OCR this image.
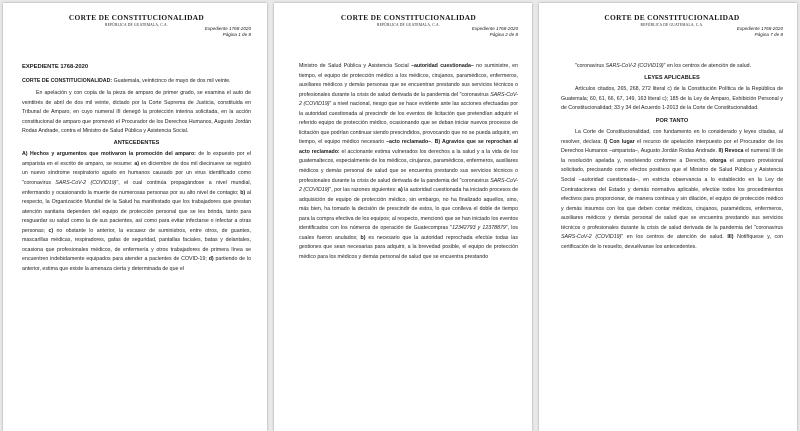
CORTE DE CONSTITUCIONALIDAD
REPÚBLICA DE GUATEMALA, C.A.
Expediente 1768-2020
Página 1 de 8

EXPEDIENTE 1768-2020

CORTE DE CONSTITUCIONALIDAD: Guatemala, veinticinco de mayo de dos mil veinte.

En apelación y con copia de la pieza de amparo de primer grado, se examina el auto de veintitrés de abril de dos mil veinte, dictado por la Corte Suprema de Justicia, constituida en Tribunal de Amparo, en cuyo numeral III denegó la protección interina solicitada, en la acción constitucional de amparo que promovió el Procurador de los Derechos Humanos, Augusto Jordán Rodas Andrade, contra el Ministro de Salud Pública y Asistencia Social.

ANTECEDENTES

A) Hechos y argumentos que motivaron la promoción del amparo: de lo expuesto por el amparista en el escrito de amparo, se resume: a) en diciembre de dos mil diecinueve se registró un nuevo síndrome respiratorio agudo en humanos causado por un virus identificado como "coronavirus SARS-CoV-2 (COVID19)", el cual continúa propagándose a nivel mundial, enfermando y ocasionando la muerte de numerosas personas por su alto nivel de contagio; b) al respecto, la Organización Mundial de la Salud ha manifestado que los trabajadores que prestan atención sanitaria dependen del equipo de protección personal que se les brinda, tanto para resguardar su salud como la de sus pacientes, así como para evitar infectarse o infectar a otras personas; c) no obstante lo anterior, la escasez de suministros, entre otros, de guantes, mascarillas médicas, respiradores, gafas de seguridad, pantallas faciales, batas y delantales, ocasiona que profesionales médicos, de enfermería y otros trabajadores de primera línea se encuentren indebidamente equipados para atender a pacientes de COVID-19; d) partiendo de lo anterior, estima que existe la amenaza cierta y determinada de que el

CORTE DE CONSTITUCIONALIDAD
REPÚBLICA DE GUATEMALA, C.A.
Expediente 1768-2020
Página 2 de 8

Ministro de Salud Pública y Asistencia Social –autoridad cuestionada– no suministre, en tiempo, el equipo de protección médico a los médicos, cirujanos, paramédicos, enfermeros, auxiliares médicos y demás personas que se encuentran prestando sus servicios técnicos o profesionales durante la crisis de salud derivada de la pandemia del "coronavirus SARS-CoV-2 (COVID19)" a nivel nacional, riesgo que se hace evidente ante las acciones efectuadas por la autoridad cuestionada al prescindir de los eventos de licitación que pretendían adquirir el referido equipo de protección médico, ocasionando que se deban iniciar nuevos procesos de licitación que podrían continuar siendo prescindidos, provocando que no se pueda adquirir, en tiempo, el equipo médico necesario –acto reclamado–. B) Agravios que se reprochan al acto reclamado: el accionante estima vulnerados los derechos a la salud y a la vida de los guatemaltecos, especialmente de los médicos, cirujanos, paramédicos, enfermeros, auxiliares médicos y demás personal de salud que se encuentra prestando sus servicios técnicos o profesionales durante la crisis de salud derivada de la pandemia del "coronavirus SARS-CoV-2 (COVID19)", por las razones siguientes: a) la autoridad cuestionada ha iniciado procesos de adquisición de equipo de protección médico, sin embargo, no ha finalizado aquellos, sino, más bien, ha tomado la decisión de prescindir de estos, lo que conlleva el doble de tiempo para la compra efectiva de los equipos; al respecto, mencionó que se han iniciado los eventos identificados con los números de operación de Guatecompras "12342793 y 12378879", los cuales fueron anulados; b) es necesario que la autoridad reprochada efectúe todas las gestiones que sean necesarias para adquirir, a la brevedad posible, el equipo de protección médico para los médicos y demás personal de salud que se encuentra prestando

CORTE DE CONSTITUCIONALIDAD
REPÚBLICA DE GUATEMALA, C.A.
Expediente 1768-2020
Página 7 de 8

"coronavirus SARS-CoV-2 (COVID19)" en los centros de atención de salud.

LEYES APLICABLES

Artículos citados, 265, 268, 272 literal c) de la Constitución Política de la República de Guatemala; 60, 61, 66, 67, 149, 163 literal c); 185 de la Ley de Amparo, Exhibición Personal y de Constitucionalidad; 33 y 34 del Acuerdo 1-2013 de la Corte de Constitucionalidad.

POR TANTO

La Corte de Constitucionalidad, con fundamento en lo considerado y leyes citadas, al resolver, declara: I) Con lugar el recurso de apelación interpuesto por el Procurador de los Derechos Humanos –amparista–, Augusto Jordán Rodas Andrade. II) Revoca el numeral III de la resolución apelada y, resolviendo conforme a Derecho, otorga el amparo provisional solicitado, precisando como efectos positivos que el Ministro de Salud Pública y Asistencia Social –autoridad cuestionada–, en estricta observancia a lo establecido en la Ley de Contrataciones del Estado y demás normativa aplicable, efectúe todos los procedimientos efectivos para proporcionar, de manera continua y sin dilación, el equipo de protección médico y demás insumos con los que deben contar médicos, cirujanos, paramédicos, enfermeros, auxiliares médicos y demás personal de salud que se encuentra prestando sus servicios técnicos o profesionales durante la crisis de salud derivada de la pandemia del "coronavirus SARS-CoV-2 (COVID19)" en los centros de atención de salud. III) Notifíquese y, con certificación de lo resuelto, devuélvanse los antecedentes.
